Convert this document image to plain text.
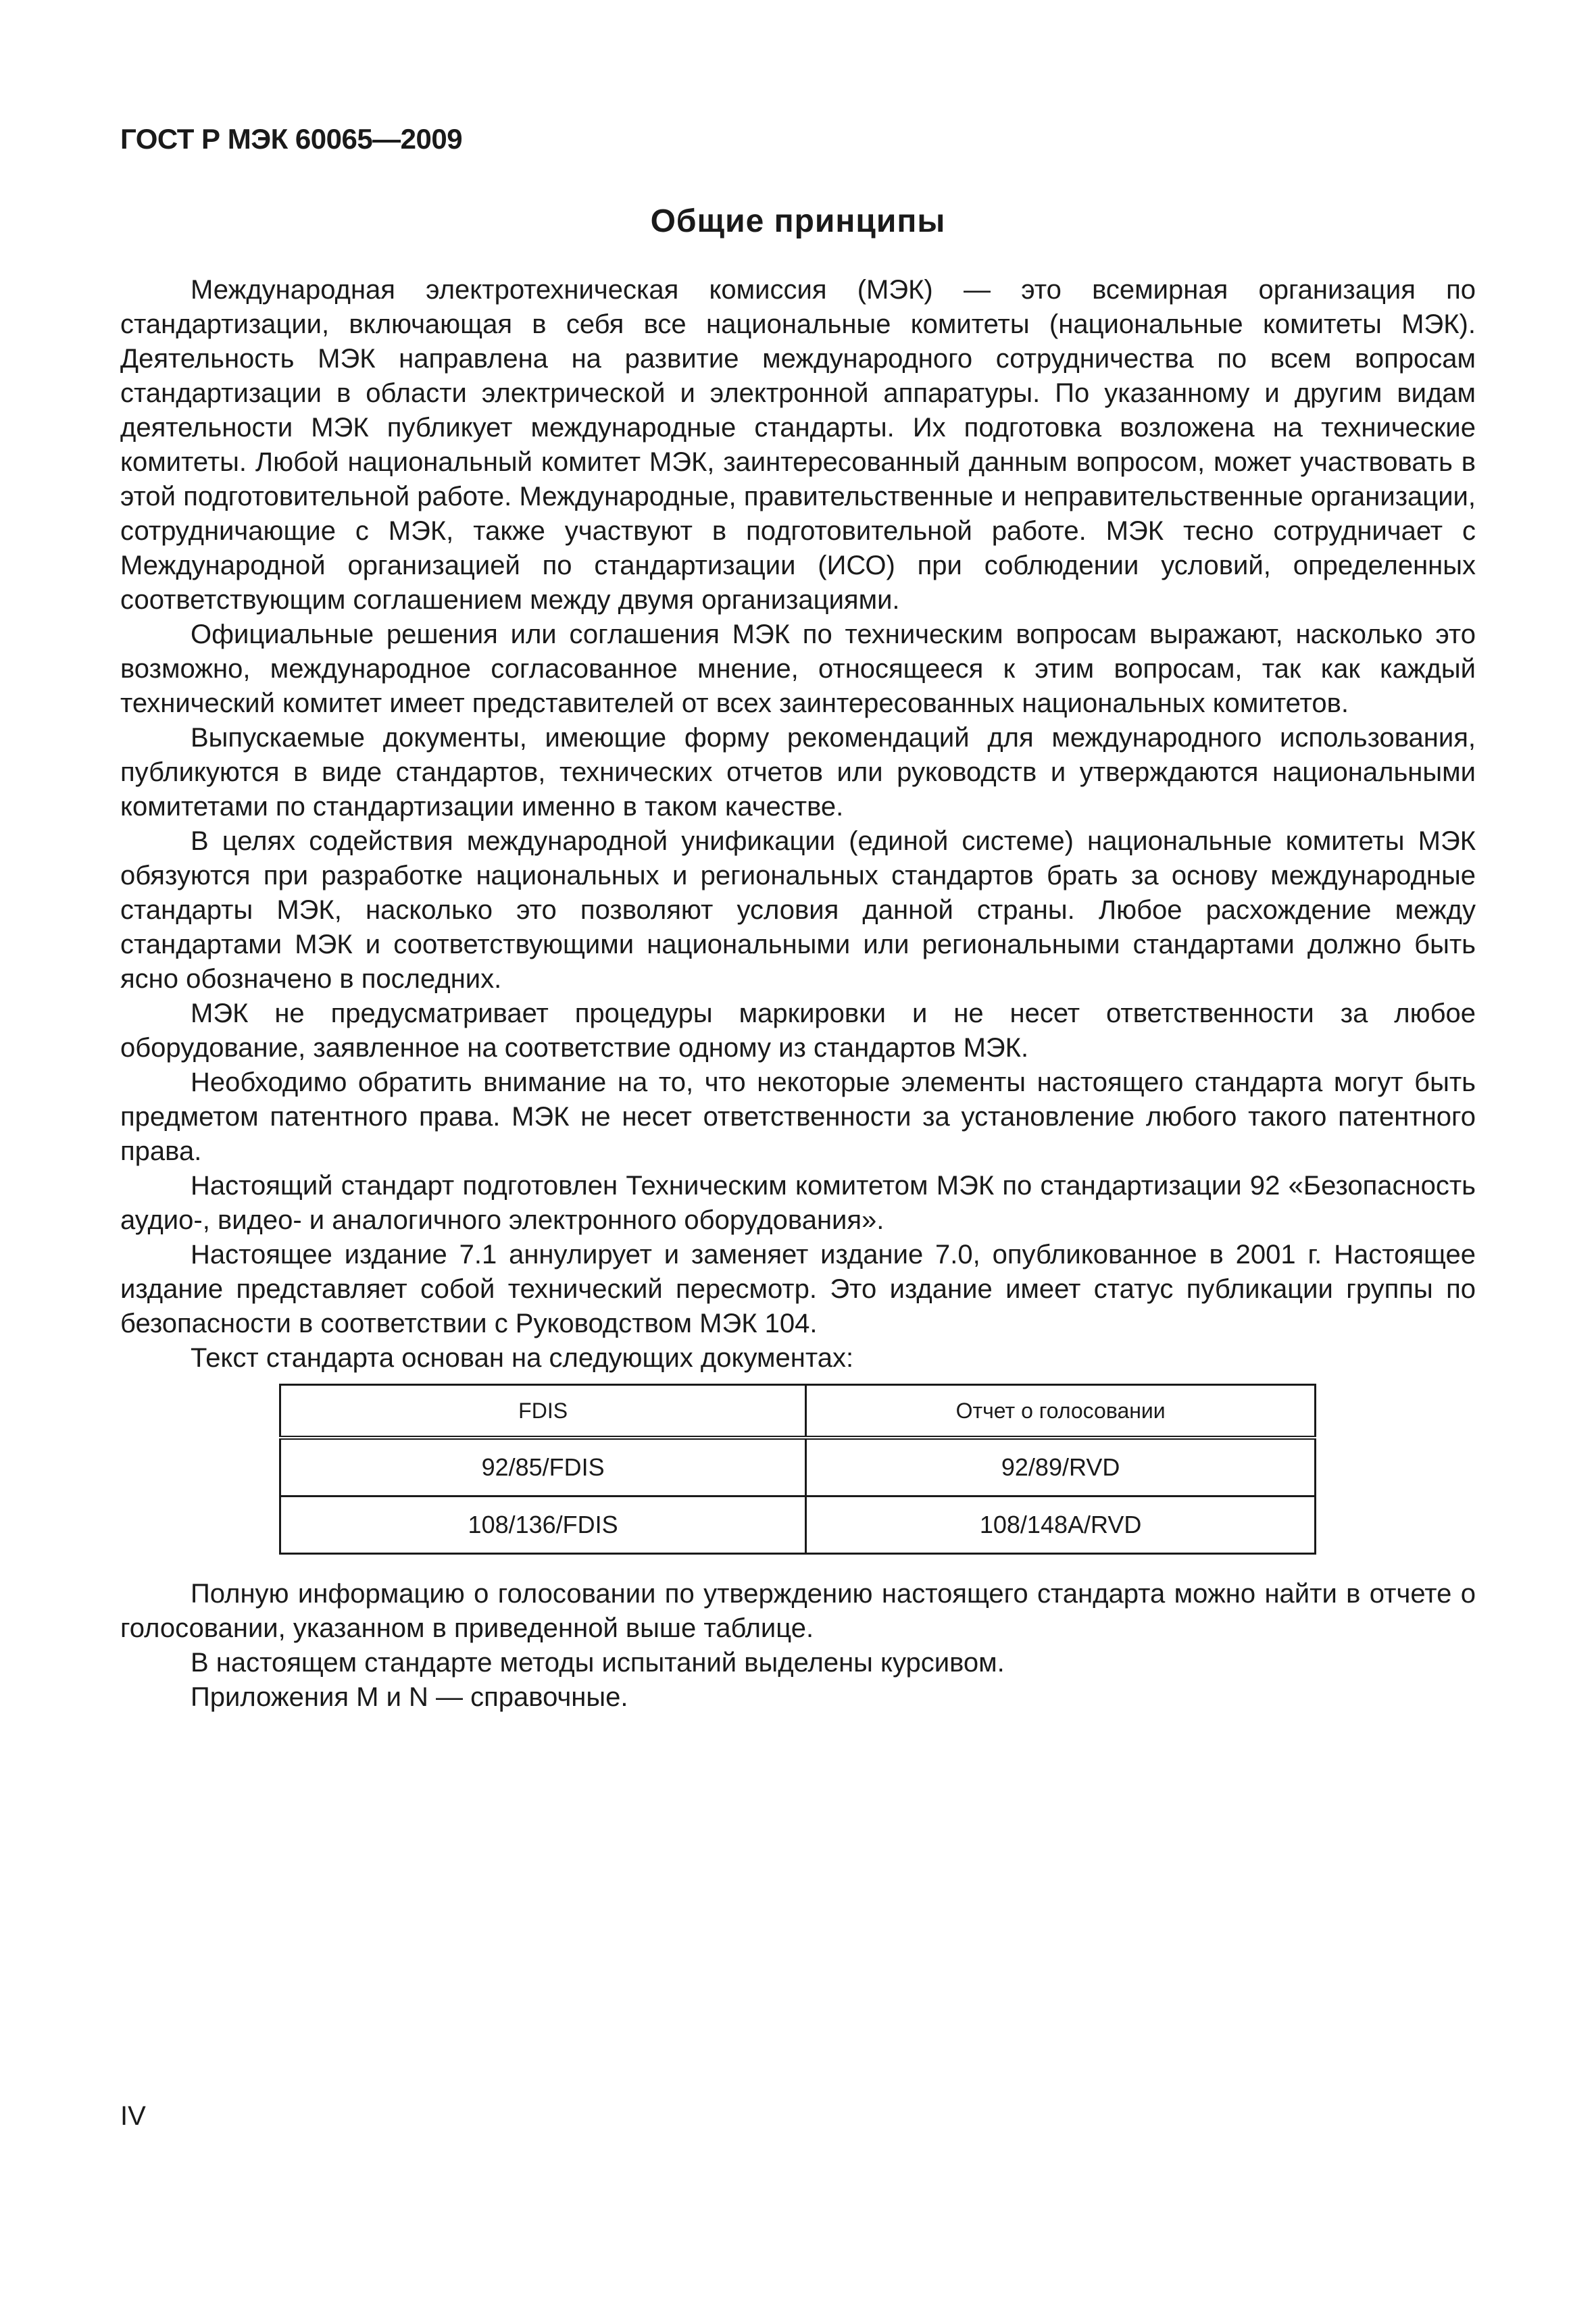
ГОСТ Р МЭК 60065—2009
Общие принципы

Международная электротехническая комиссия (МЭК) — это всемирная организация по стандартизации, включающая в себя все национальные комитеты (национальные комитеты МЭК). Деятельность МЭК направлена на развитие международного сотрудничества по всем вопросам стандартизации в области электрической и электронной аппаратуры. По указанному и другим видам деятельности МЭК публикует международные стандарты. Их подготовка возложена на технические комитеты. Любой национальный комитет МЭК, заинтересованный данным вопросом, может участвовать в этой подготовительной работе. Международные, правительственные и неправительственные организации, сотрудничающие с МЭК, также участвуют в подготовительной работе. МЭК тесно сотрудничает с Международной организацией по стандартизации (ИСО) при соблюдении условий, определенных соответствующим соглашением между двумя организациями.

Официальные решения или соглашения МЭК по техническим вопросам выражают, насколько это возможно, международное согласованное мнение, относящееся к этим вопросам, так как каждый технический комитет имеет представителей от всех заинтересованных национальных комитетов.

Выпускаемые документы, имеющие форму рекомендаций для международного использования, публикуются в виде стандартов, технических отчетов или руководств и утверждаются национальными комитетами по стандартизации именно в таком качестве.

В целях содействия международной унификации (единой системе) национальные комитеты МЭК обязуются при разработке национальных и региональных стандартов брать за основу международные стандарты МЭК, насколько это позволяют условия данной страны. Любое расхождение между стандартами МЭК и соответствующими национальными или региональными стандартами должно быть ясно обозначено в последних.

МЭК не предусматривает процедуры маркировки и не несет ответственности за любое оборудование, заявленное на соответствие одному из стандартов МЭК.

Необходимо обратить внимание на то, что некоторые элементы настоящего стандарта могут быть предметом патентного права. МЭК не несет ответственности за установление любого такого патентного права.

Настоящий стандарт подготовлен Техническим комитетом МЭК по стандартизации 92 «Безопасность аудио-, видео- и аналогичного электронного оборудования».

Настоящее издание 7.1 аннулирует и заменяет издание 7.0, опубликованное в 2001 г. Настоящее издание представляет собой технический пересмотр. Это издание имеет статус публикации группы по безопасности в соответствии с Руководством МЭК 104.

Текст стандарта основан на следующих документах:

FDIS	Отчет о голосовании
92/85/FDIS	92/89/RVD
108/136/FDIS	108/148A/RVD

Полную информацию о голосовании по утверждению настоящего стандарта можно найти в отчете о голосовании, указанном в приведенной выше таблице.

В настоящем стандарте методы испытаний выделены курсивом.

Приложения M и N — справочные.

IV
